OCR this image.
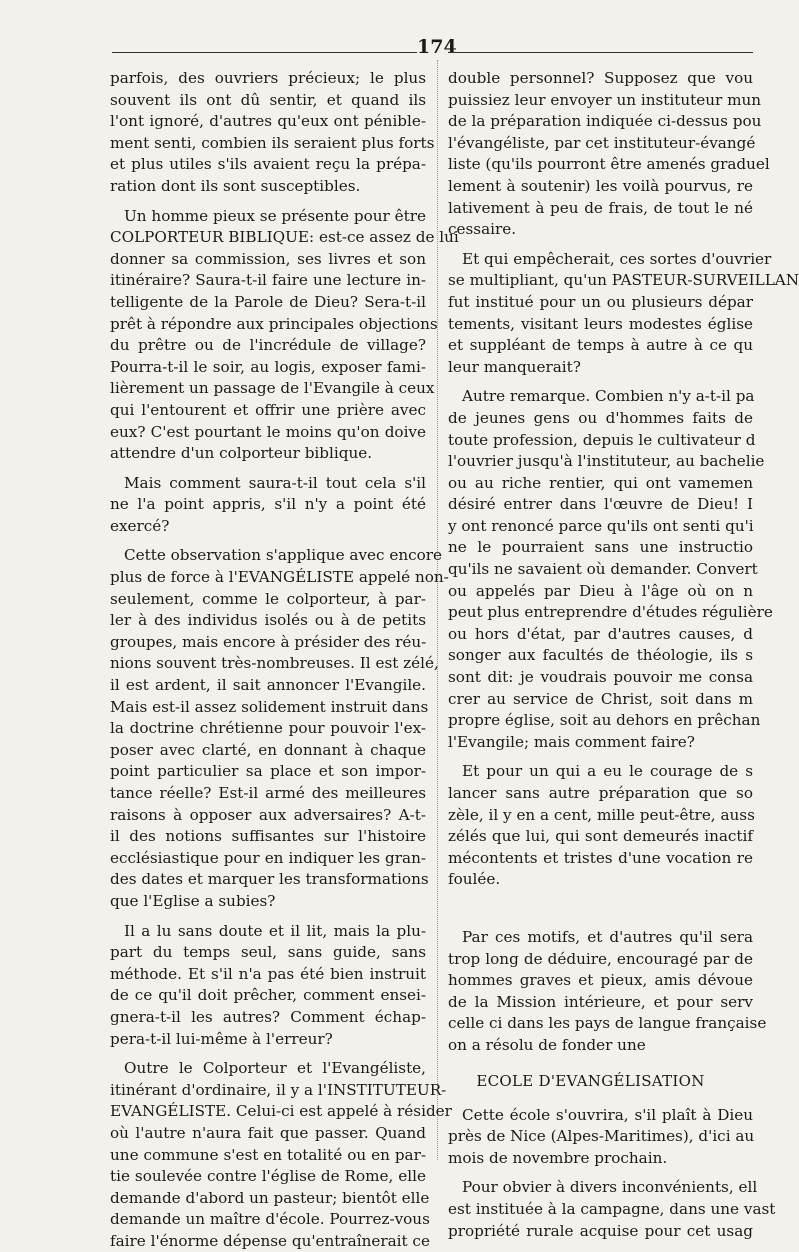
174
parfois, des ouvriers précieux; le plus
souvent ils ont dû sentir, et quand ils
l'ont ignoré, d'autres qu'eux ont pénible-
ment senti, combien ils seraient plus forts
et plus utiles s'ils avaient reçu la prépa-
ration dont ils sont susceptibles.
Un homme pieux se présente pour être
COLPORTEUR BIBLIQUE: est-ce assez de lui
donner sa commission, ses livres et son
itinéraire? Saura-t-il faire une lecture in-
telligente de la Parole de Dieu? Sera-t-il
prêt à répondre aux principales objections
du prêtre ou de l'incrédule de village?
Pourra-t-il le soir, au logis, exposer fami-
lièrement un passage de l'Evangile à ceux
qui l'entourent et offrir une prière avec
eux? C'est pourtant le moins qu'on doive
attendre d'un colporteur biblique.
Mais comment saura-t-il tout cela s'il
ne l'a point appris, s'il n'y a point été
exercé?
Cette observation s'applique avec encore
plus de force à l'EVANGÉLISTE appelé non-
seulement, comme le colporteur, à par-
ler à des individus isolés ou à de petits
groupes, mais encore à présider des réu-
nions souvent très-nombreuses. Il est zélé,
il est ardent, il sait annoncer l'Evangile.
Mais est-il assez solidement instruit dans
la doctrine chrétienne pour pouvoir l'ex-
poser avec clarté, en donnant à chaque
point particulier sa place et son impor-
tance réelle? Est-il armé des meilleures
raisons à opposer aux adversaires? A-t-
il des notions suffisantes sur l'histoire
ecclésiastique pour en indiquer les gran-
des dates et marquer les transformations
que l'Eglise a subies?
Il a lu sans doute et il lit, mais la plu-
part du temps seul, sans guide, sans
méthode. Et s'il n'a pas été bien instruit
de ce qu'il doit prêcher, comment ensei-
gnera-t-il les autres? Comment échap-
pera-t-il lui-même à l'erreur?
Outre le Colporteur et l'Evangéliste,
itinérant d'ordinaire, il y a l'INSTITUTEUR-
EVANGÉLISTE. Celui-ci est appelé à résider
où l'autre n'aura fait que passer. Quand
une commune s'est en totalité ou en par-
tie soulevée contre l'église de Rome, elle
demande d'abord un pasteur; bientôt elle
demande un maître d'école. Pourrez-vous
faire l'énorme dépense qu'entraînerait ce
double personnel? Supposez que vou
puissiez leur envoyer un instituteur mun
de la préparation indiquée ci-dessus pou
l'évangéliste, par cet instituteur-évangé
liste (qu'ils pourront être amenés graduel
lement à soutenir) les voilà pourvus, re
lativement à peu de frais, de tout le né
cessaire.
Et qui empêcherait, ces sortes d'ouvrier
se multipliant, qu'un PASTEUR-SURVEILLAN
fut institué pour un ou plusieurs dépar
tements, visitant leurs modestes église
et suppléant de temps à autre à ce qu
leur manquerait?
Autre remarque. Combien n'y a-t-il pa
de jeunes gens ou d'hommes faits de
toute profession, depuis le cultivateur d
l'ouvrier jusqu'à l'instituteur, au bachelie
ou au riche rentier, qui ont vamemen
désiré entrer dans l'œuvre de Dieu! I
y ont renoncé parce qu'ils ont senti qu'i
ne le pourraient sans une instructio
qu'ils ne savaient où demander. Convert
ou appelés par Dieu à l'âge où on n
peut plus entreprendre d'études régulière
ou hors d'état, par d'autres causes, d
songer aux facultés de théologie, ils s
sont dit: je voudrais pouvoir me consa
crer au service de Christ, soit dans m
propre église, soit au dehors en prêchan
l'Evangile; mais comment faire?
Et pour un qui a eu le courage de s
lancer sans autre préparation que so
zèle, il y en a cent, mille peut-être, auss
zélés que lui, qui sont demeurés inactif
mécontents et tristes d'une vocation re
foulée.
Par ces motifs, et d'autres qu'il sera
trop long de déduire, encouragé par de
hommes graves et pieux, amis dévoue
de la Mission intérieure, et pour serv
celle ci dans les pays de langue française
on a résolu de fonder une
ECOLE D'EVANGÉLISATION
Cette école s'ouvrira, s'il plaît à Dieu
près de Nice (Alpes-Maritimes), d'ici au
mois de novembre prochain.
Pour obvier à divers inconvénients, ell
est instituée à la campagne, dans une vast
propriété rurale acquise pour cet usag
